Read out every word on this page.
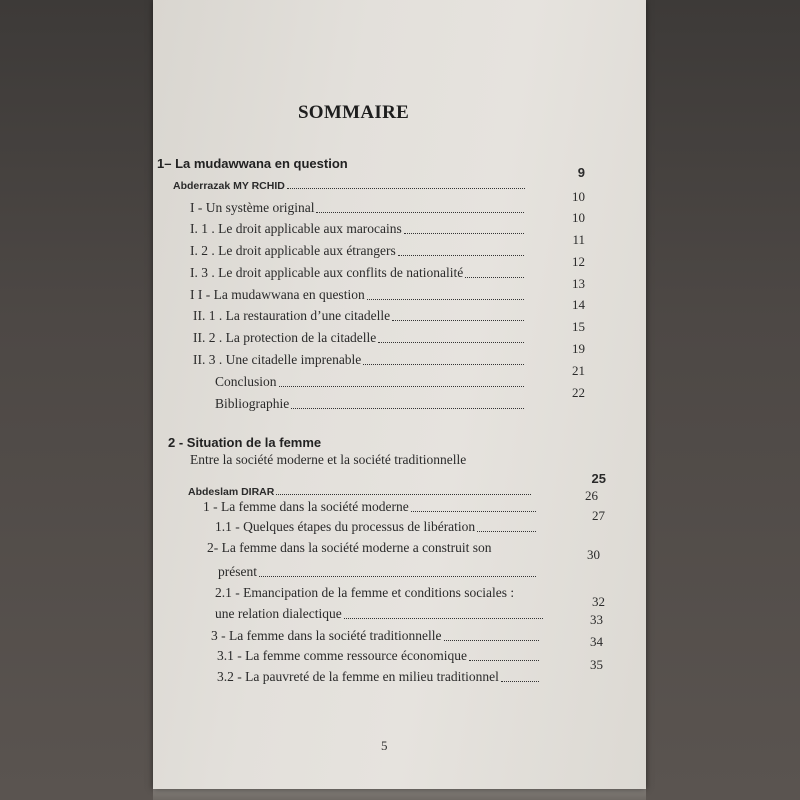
SOMMAIRE
1– La mudawwana en question
Abderrazak MY RCHID
9
I - Un système original
10
I. 1 . Le droit applicable aux marocains
10
I. 2 . Le droit applicable aux étrangers
11
I. 3 . Le droit applicable aux conflits de nationalité
12
I I - La mudawwana en question
13
II. 1 . La restauration d’une citadelle
14
II. 2 . La protection de la citadelle
15
II. 3 . Une citadelle imprenable
19
Conclusion
21
Bibliographie
22
2 - Situation de la femme
Entre la société moderne et la société traditionnelle
Abdeslam DIRAR
25
1 - La femme dans la société moderne
26
1.1 - Quelques étapes du processus de libération
27
2- La femme dans la société moderne a construit son
présent
30
2.1 - Emancipation de la femme et conditions sociales :
une relation dialectique
32
3 - La femme dans la société traditionnelle
33
3.1 - La femme comme ressource économique
34
3.2 - La pauvreté de la femme en milieu traditionnel
35
5
